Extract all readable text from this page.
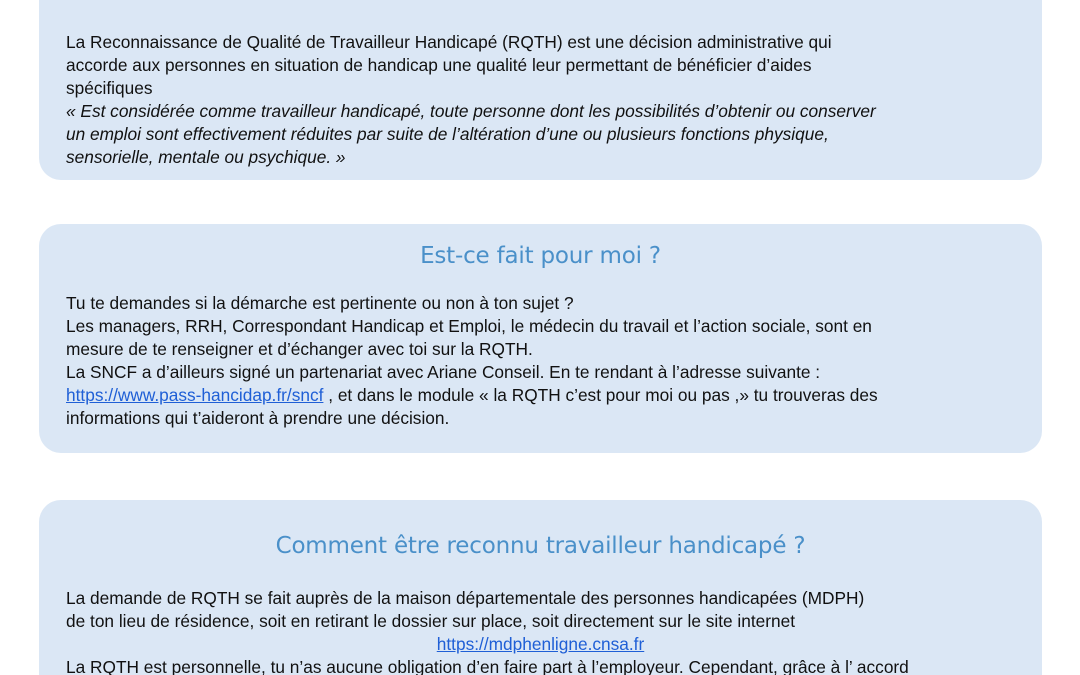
La Reconnaissance de Qualité de Travailleur Handicapé (RQTH) est une décision administrative qui
accorde aux personnes en situation de handicap une qualité leur permettant de bénéficier d’aides
spécifiques
« Est considérée comme travailleur handicapé, toute personne dont les possibilités d’obtenir ou conserver
un emploi sont effectivement réduites par suite de l’altération d’une ou plusieurs fonctions physique,
sensorielle, mentale ou psychique. »

Est-ce fait pour moi ?

Tu te demandes si la démarche est pertinente ou non à ton sujet ?
Les managers, RRH, Correspondant Handicap et Emploi, le médecin du travail et l’action sociale, sont en
mesure de te renseigner et d’échanger avec toi sur la RQTH.
La SNCF a d’ailleurs signé un partenariat avec Ariane Conseil. En te rendant à l’adresse suivante :
https://www.pass-hancidap.fr/sncf , et dans le module « la RQTH c’est pour moi ou pas ,» tu trouveras des
informations qui t’aideront à prendre une décision.

Comment être reconnu travailleur handicapé ?

La demande de RQTH se fait auprès de la maison départementale des personnes handicapées (MDPH)
de ton lieu de résidence, soit en retirant le dossier sur place, soit directement sur le site internet
https://mdphenligne.cnsa.fr
La RQTH est personnelle, tu n’as aucune obligation d’en faire part à l’employeur. Cependant, grâce à l’ accord
